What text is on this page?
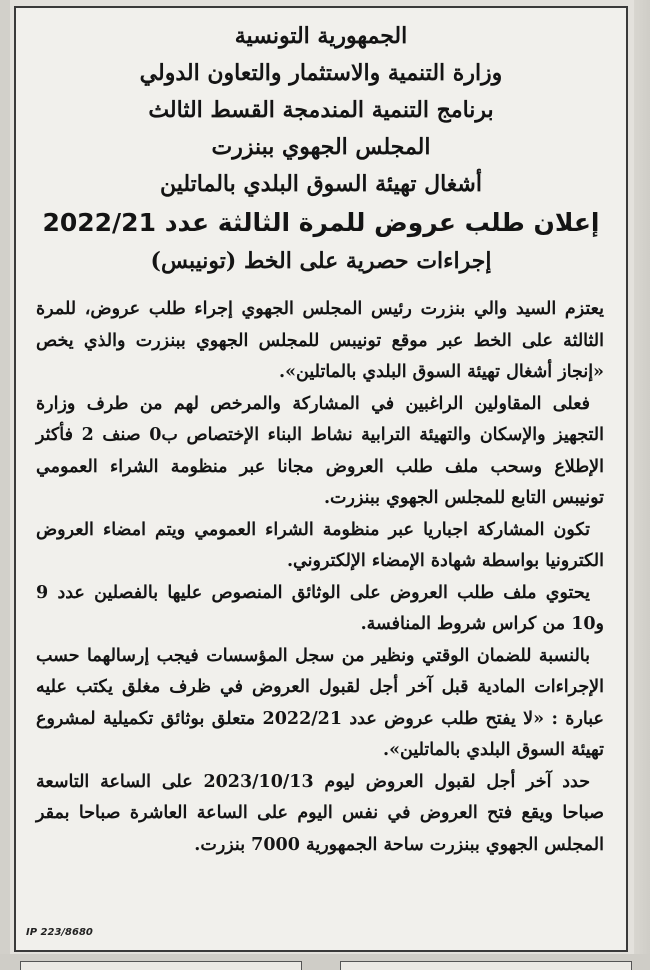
الجمهورية التونسية
وزارة التنمية والاستثمار والتعاون الدولي
برنامج التنمية المندمجة القسط الثالث
المجلس الجهوي ببنزرت
أشغال تهيئة السوق البلدي بالماتلين
إعلان طلب عروض للمرة الثالثة عدد 2022/21
إجراءات حصرية على الخط (تونيبس)

يعتزم السيد والي بنزرت رئيس المجلس الجهوي إجراء طلب عروض، للمرة الثالثة على الخط عبر موقع تونيبس للمجلس الجهوي ببنزرت والذي يخص «إنجاز أشغال تهيئة السوق البلدي بالماتلين».

فعلى المقاولين الراغبين في المشاركة والمرخص لهم من طرف وزارة التجهيز والإسكان والتهيئة الترابية نشاط البناء الإختصاص ب0 صنف 2 فأكثر الإطلاع وسحب ملف طلب العروض مجانا عبر منظومة الشراء العمومي تونيبس التابع للمجلس الجهوي ببنزرت.

تكون المشاركة اجباريا عبر منظومة الشراء العمومي ويتم امضاء العروض الكترونيا بواسطة شهادة الإمضاء الإلكتروني.

يحتوي ملف طلب العروض على الوثائق المنصوص عليها بالفصلين عدد 9 و10 من كراس شروط المنافسة.

بالنسبة للضمان الوقتي ونظير من سجل المؤسسات فيجب إرسالهما حسب الإجراءات المادية قبل آخر أجل لقبول العروض في ظرف مغلق يكتب عليه عبارة : «لا يفتح طلب عروض عدد 2022/21 متعلق بوثائق تكميلية لمشروع تهيئة السوق البلدي بالماتلين».

حدد آخر أجل لقبول العروض ليوم 2023/10/13 على الساعة التاسعة صباحا ويقع فتح العروض في نفس اليوم على الساعة العاشرة صباحا بمقر المجلس الجهوي ببنزرت ساحة الجمهورية 7000 بنزرت.

IP 223/8680
